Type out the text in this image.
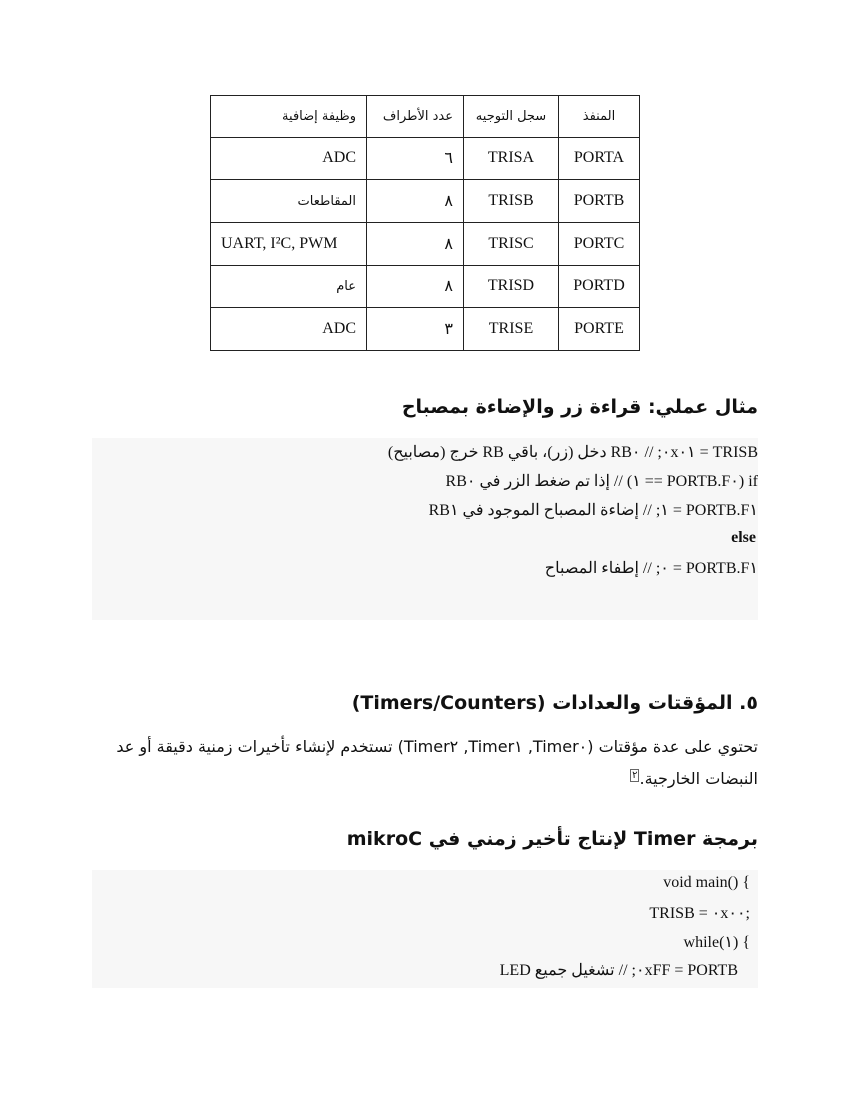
المنفذ	سجل التوجيه	عدد الأطراف	وظيفة إضافية
PORTA	TRISA	٦	ADC
PORTB	TRISB	٨	المقاطعات
PORTC	TRISC	٨	UART, I²C, PWM
PORTD	TRISD	٨	عام
PORTE	TRISE	٣	ADC
مثال عملي: قراءة زر والإضاءة بمصباح
TRISB = ٠x٠١; // RB٠ دخل (زر)، باقي RB خرج (مصابيح)
if (PORTB.F٠ == ١) // إذا تم ضغط الزر في RB٠
PORTB.F١ = ١; // إضاءة المصباح الموجود في RB١
else
PORTB.F١ = ٠; // إطفاء المصباح
٥. المؤقتات والعدادات (Timers/Counters)
تحتوي على عدة مؤقتات (Timer٠, Timer١, Timer٢) تستخدم لإنشاء تأخيرات زمنية دقيقة أو عد
النبضات الخارجية.$^٢$
برمجة Timer لإنتاج تأخير زمني في mikroC
void main() {
TRISB = ٠x٠٠;
while(١) {
PORTB = ٠xFF; // تشغيل جميع LED
